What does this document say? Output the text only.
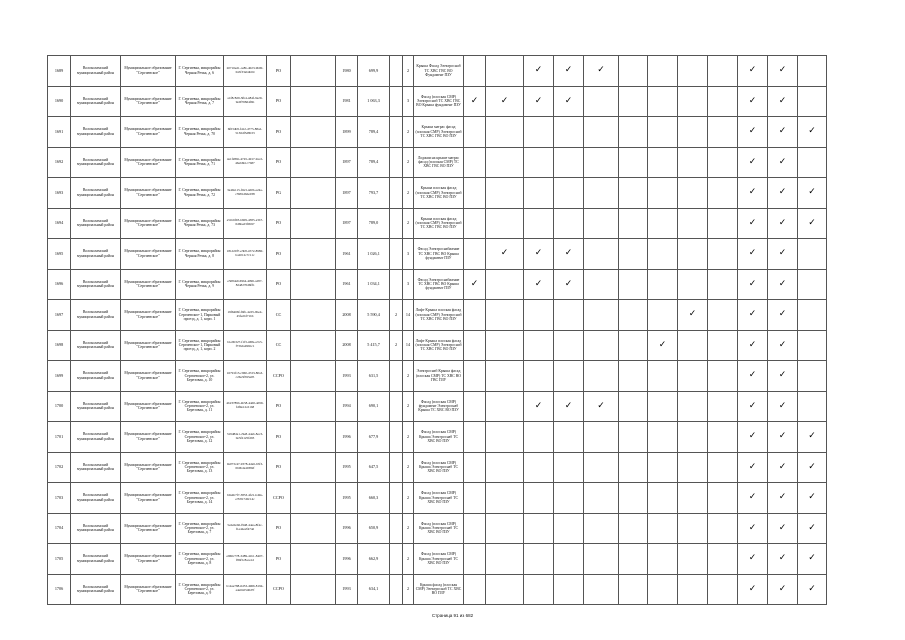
1689	Волоколамский муниципальный район	Муниципальное образование "Сергиевское"	Г. Сергиевка, микрорайон Черная Речка, д. 6	20716ed1-ce8b-4023-9b00-0a5f33ab4b0d	PO		1980	699,9		2	Крыша Фасад Электроснаб ТС ХВС ГВС ВО Фундамент ПЗУ			✓	✓	✓					✓	✓	
1690	Волоколамский муниципальный район	Муниципальное образование "Сергиевское"	Г. Сергиевка, микрорайон Черная Речка, д. 7	a1f8c829-3fb4-484f-9a29-9e0f768d4f6b	PO		1981	1 063,3		3	Фасад (плоская СМР) Электроснаб ТС ХВС ГВС ВО Крыша фундамент ПЗУ	✓	✓	✓	✓						✓	✓	
1691	Волоколамский муниципальный район	Муниципальное образование "Сергиевское"	Г. Сергиевка, микрорайон Черная Речка, д. 70	6f03db8-f412-4775-88a2-5136df5d8b33	PO		1899	789,4		2	Крыша матрас фасад (плоская СМР) Электроснаб ТС ХВС ГВС ВО ПЗУ										✓	✓	✓
1692	Волоколамский муниципальный район	Муниципальное образование "Сергиевское"	Г. Сергиевка, микрорайон Черная Речка, д. 71	4a1f28bb-4745-4917-9ac2-46eb6b1c7b87	PO		1897	789,4		2	Лоджии на крыше матрас фасад (плоская СМР) ТС ХВС ГВС ВО ПЗУ										✓	✓	
1693	Волоколамский муниципальный район	Муниципальное образование "Сергиевское"	Г. Сергиевка, микрорайон Черная Речка, д. 72	3a49a115-f0a3-4d0b-a24a-c3981d6de038	PG		1897	793,7		2	Крыша плоская фасад (плоская СМР) Электроснаб ТС ХВС ГВС ВО ПЗУ										✓	✓	✓
1694	Волоколамский муниципальный район	Муниципальное образование "Сергиевское"	Г. Сергиевка, микрорайон Черная Речка, д. 73	e51b6f93-b609-4385-a3b7-0d6bed3f0b97	PO		1897	789,0		2	Крыша плоская фасад (плоская СМР) Электроснаб ТС ХВС ГВС ВО ПЗУ										✓	✓	✓
1695	Волоколамский муниципальный район	Муниципальное образование "Сергиевское"	Г. Сергиевка, микрорайон Черная Речка, д. 8	181d20f7-e3b8-4572-8980-ba2012c7c11c	PO		1961	1 026,1		3	Фасад Электроснабжение ТС ХВС ГВС ВО Крыша фундамент ПЗУ		✓	✓	✓						✓	✓	
1696	Волоколамский муниципальный район	Муниципальное образование "Сергиевское"	Г. Сергиевка, микрорайон Черная Речка, д. 9	e508da9-69b4-4096-a287-82a8270d6ffb	PO		1961	1 034,1		3	Фасад Электроснабжение ТС ХВС ГВС ВО Крыша фундамент ПЗУ	✓		✓	✓						✓	✓	
1697	Волоколамский муниципальный район	Муниципальное образование "Сергиевское"	Г. Сергиевка, микрорайон Сергиевское-1, Парковый проезд, д. 1, корп. 1	19f6466f-fbfb-42d5-9be4-45fe2bf71bb	CC		2008	5 590,4	2	14	Лифт Крыша плоская фасад (плоская СМР) Электроснаб ТС ХВС ГВС ВО ПЗУ								✓		✓	✓	
1698	Волоколамский муниципальный район	Муниципальное образование "Сергиевское"	Г. Сергиевка, микрорайон Сергиевское-1, Парковый проезд, д. 1, корп. 2	b1e9b327-f1f3-468a-a7e5-f73bda49bbc1	CC		2008	5 415,7	2	14	Лифт Крыша плоская фасад (плоская СМР) Электроснаб ТС ХВС ГВС ВО ПЗУ							✓			✓	✓	
1699	Волоколамский муниципальный район	Муниципальное образование "Сергиевское"	Г. Сергиевка, микрорайон Сергиевское-2, ул. Березовая, д. 10	16791f13-c960-47d3-80a3-c26a3f593a05	CCPO		1993	631,5		2	Электроснаб Крыша фасад (плоская СМР) ТС ХВС ВО ГВС ПЗУ										✓	✓	
1700	Волоколамский муниципальный район	Муниципальное образование "Сергиевское"	Г. Сергиевка, микрорайон Сергиевское-2, ул. Березовая, д. 11	4b23789b-4b58-44d0-a099-fdf9e12cd1b8	PO		1994	690,1		2	Фасад (плоская СМР) фундамент Электроснаб Крыша ТС ХВС ВО ПЗУ			✓	✓	✓					✓	✓	
1701	Волоколамский муниципальный район	Муниципальное образование "Сергиевское"	Г. Сергиевка, микрорайон Сергиевское-2, ул. Березовая, д. 12	319d8da1-c9e8-44ab-8ec3-0e5f2125fd93	PO		1996	677,9		2	Фасад (плоская СМР) Крыша Электроснаб ТС ХВС ВО ПЗУ										✓	✓	✓
1702	Волоколамский муниципальный район	Муниципальное образование "Сергиевское"	Г. Сергиевка, микрорайон Сергиевское-2, ул. Березовая, д. 13	0a073c47-9378-4da6-b5f3-0b0bda40382f	PO		1995	647,5		2	Фасад (плоская СМР) Крыша Электроснаб ТС ХВС ВО ПЗУ										✓	✓	✓
1703	Волоколамский муниципальный район	Муниципальное образование "Сергиевское"	Г. Сергиевка, микрорайон Сергиевское-2, ул. Березовая, д. 14	b0a4b7f7-3853-4f21-b49a-e7b817d0c14c	CCPO		1995	660,3		2	Фасад (плоская СМР) Крыша Электроснаб ТС ХВС ВО ПЗУ										✓	✓	✓
1704	Волоколамский муниципальный район	Муниципальное образование "Сергиевское"	Г. Сергиевка, микрорайон Сергиевское-2, ул. Березовая, д. 7	5e2e0eb6-f948-44ea-8f4c-f1e44e2f47a6	PO		1996	650,9		2	Фасад (плоская СМР) Крыша Электроснаб ТС ХВС ВО ПЗУ										✓	✓	✓
1705	Волоколамский муниципальный район	Муниципальное образование "Сергиевское"	Г. Сергиевка, микрорайон Сергиевское-2, ул. Березовая, д. 8	e966c778-3d89-41b1-8407-f8bf5c8ace1d	PO		1996	662,9		2	Фасад (плоская СМР) Крыша Электроснаб ТС ХВС ВО ПЗУ										✓	✓	✓
1706	Волоколамский муниципальный район	Муниципальное образование "Сергиевское"	Г. Сергиевка, микрорайон Сергиевское-2, ул. Березовая, д. 9	b14ae788-6d53-4966-8194-a4a0d25d6d7f	CCPO		1993	634,1		2	Крыша фасад (плоская СМР) Электроснаб ТС ХВС ВО ПЗУ										✓	✓	✓
Страница 91 из 682
